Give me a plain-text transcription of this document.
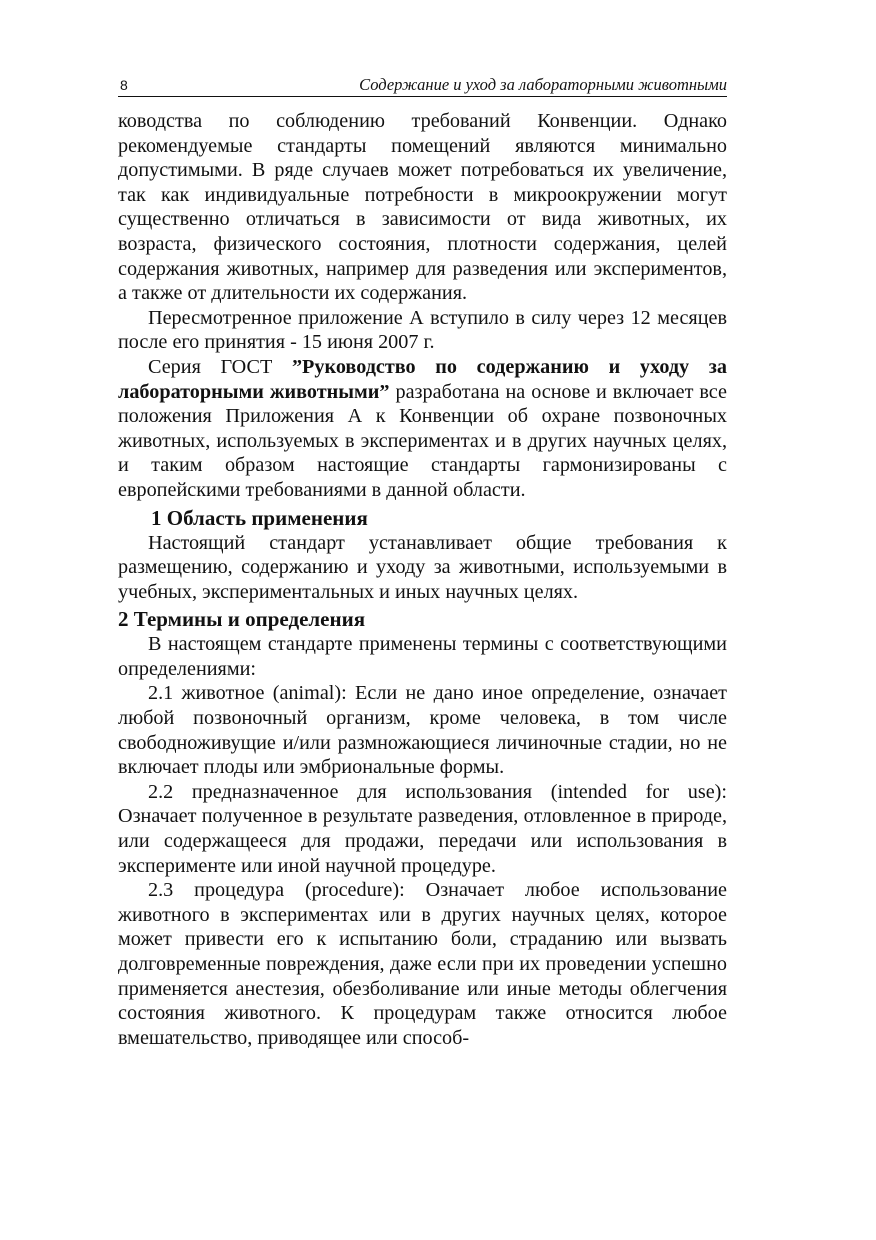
8	Содержание и уход за лабораторными животными

ководства по соблюдению требований Конвенции. Однако рекомендуемые стандарты помещений являются минимально допустимыми. В ряде случаев может потребоваться их увеличение, так как индивидуальные потребности в микроокружении могут существенно отличаться в зависимости от вида животных, их возраста, физического состояния, плотности содержания, целей содержания животных, например для разведения или экспериментов, а также от длительности их содержания.

Пересмотренное приложение А вступило в силу через 12 месяцев после его принятия - 15 июня 2007 г.

Серия ГОСТ ”Руководство по содержанию и уходу за лабораторными животными” разработана на основе и включает все положения Приложения А к Конвенции об охране позвоночных животных, используемых в экспериментах и в других научных целях, и таким образом настоящие стандарты гармонизированы с европейскими требованиями в данной области.

1 Область применения

Настоящий стандарт устанавливает общие требования к размещению, содержанию и уходу за животными, используемыми в учебных, экспериментальных и иных научных целях.

2 Термины и определения

В настоящем стандарте применены термины с соответствующими определениями:

2.1 животное (animal): Если не дано иное определение, означает любой позвоночный организм, кроме человека, в том числе свободноживущие и/или размножающиеся личиночные стадии, но не включает плоды или эмбриональные формы.

2.2 предназначенное для использования (intended for use): Означает полученное в результате разведения, отловленное в природе, или содержащееся для продажи, передачи или использования в эксперименте или иной научной процедуре.

2.3 процедура (procedure): Означает любое использование животного в экспериментах или в других научных целях, которое может привести его к испытанию боли, страданию или вызвать долговременные повреждения, даже если при их проведении успешно применяется анестезия, обезболивание или иные методы облегчения состояния животного. К процедурам также относится любое вмешательство, приводящее или способ-
